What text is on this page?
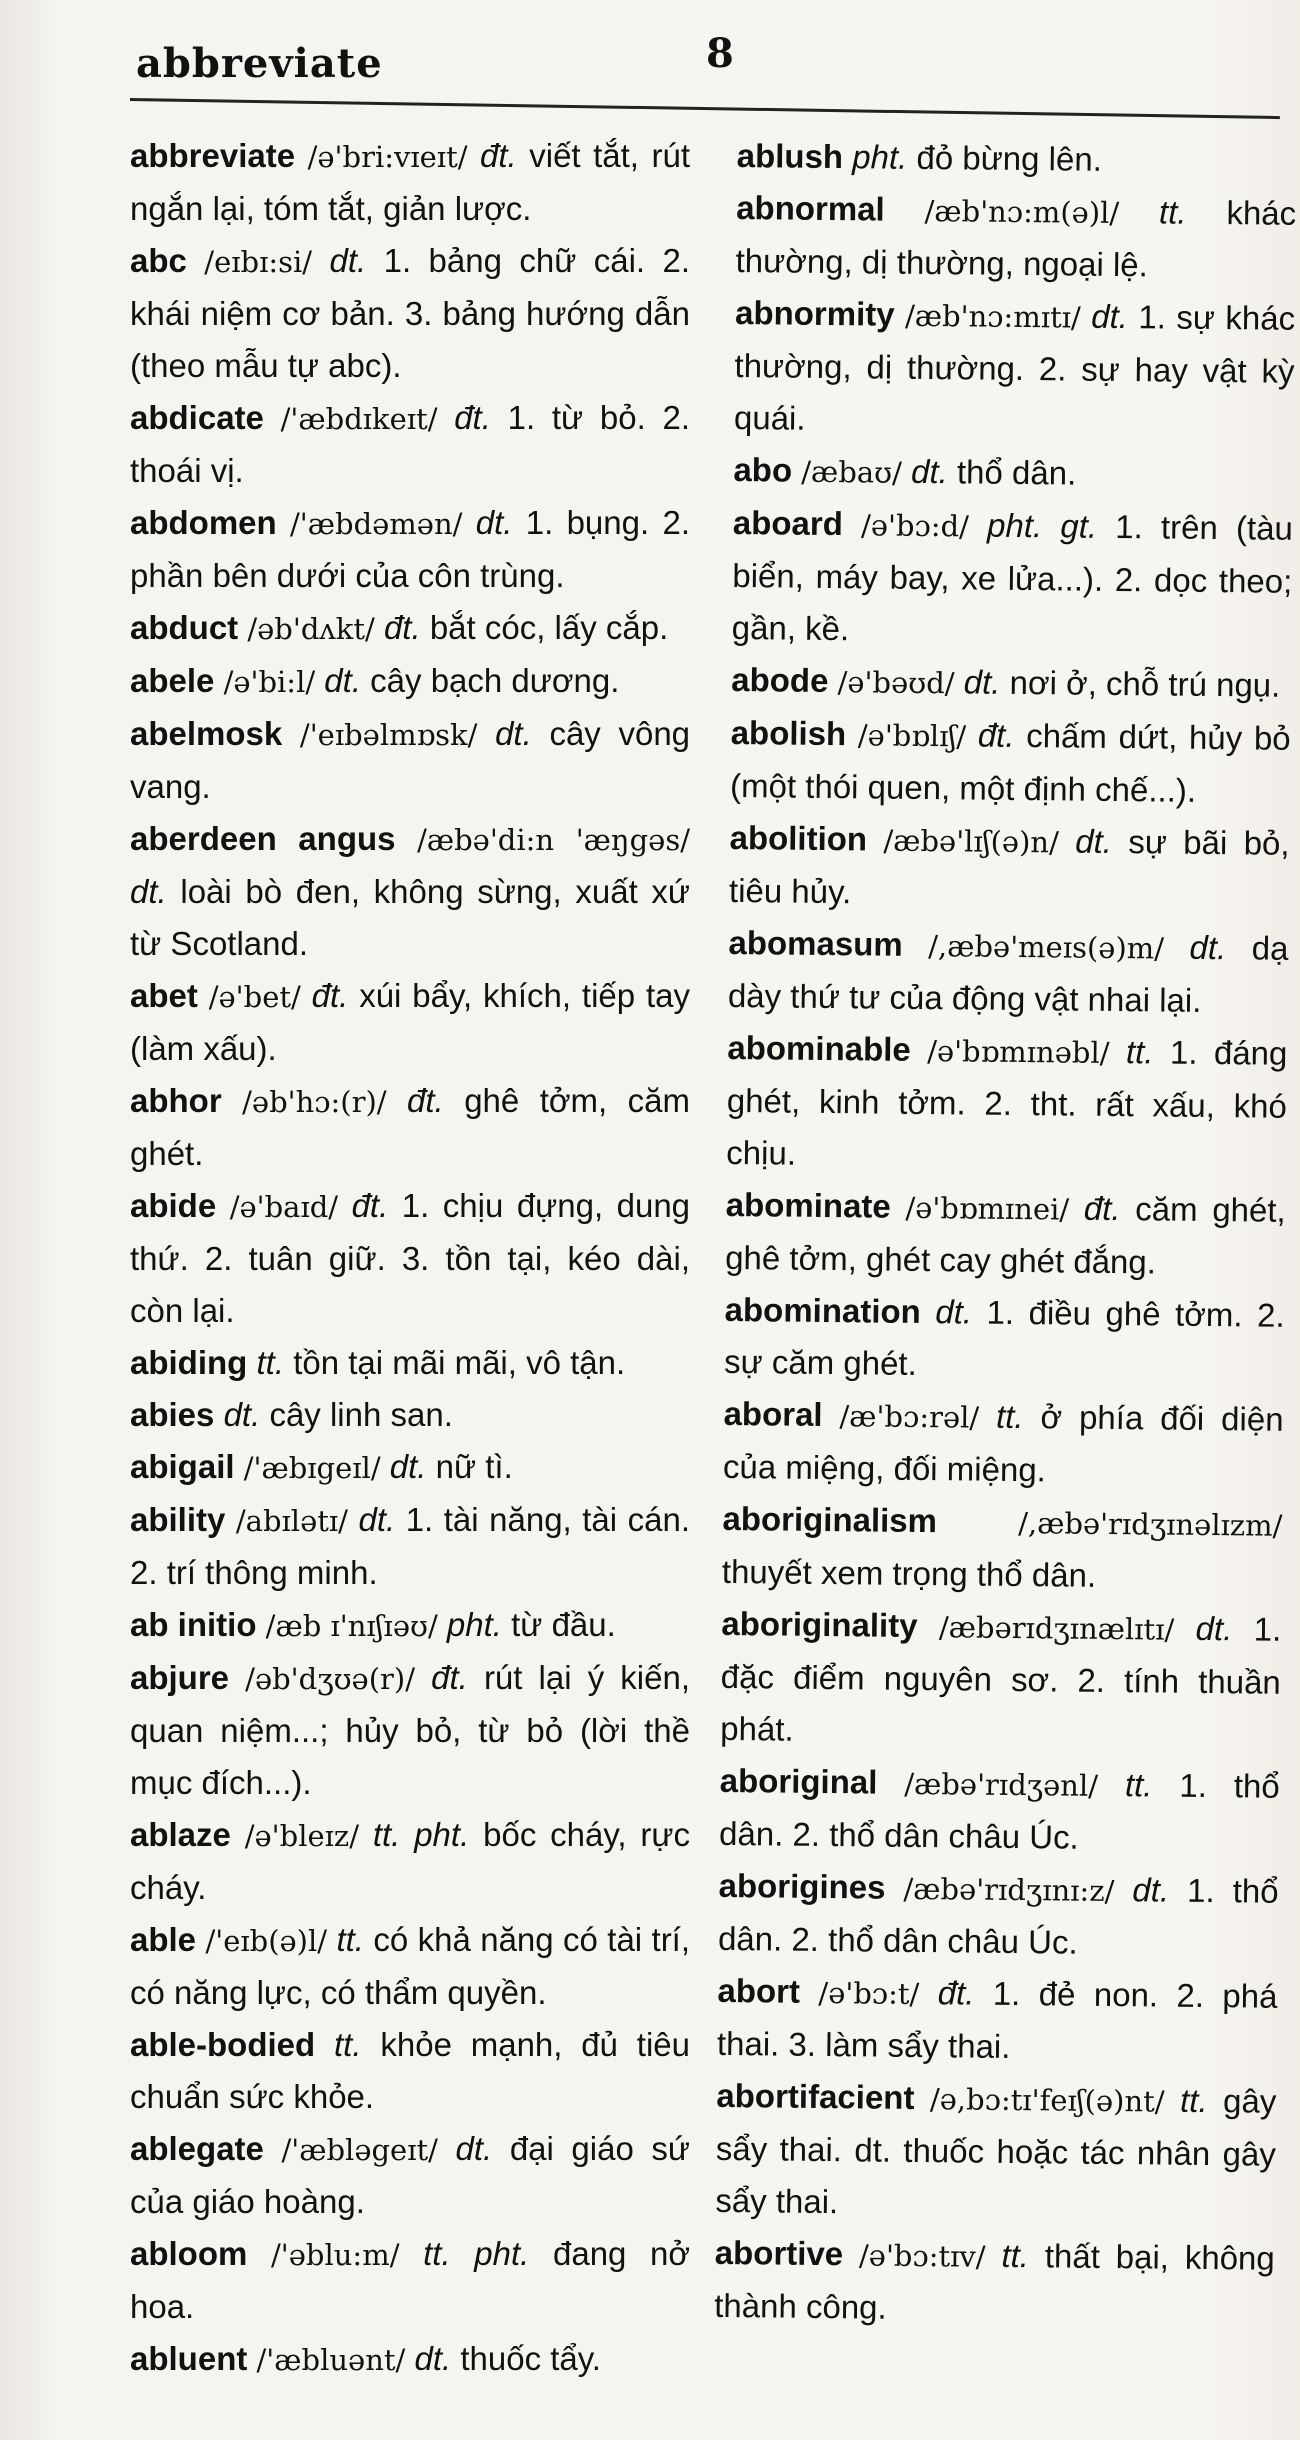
abbreviate	8
abbreviate /ə'bri:vɪeɪt/ đt. viết tắt, rút ngắn lại, tóm tắt, giản lược.
abc /eɪbɪ:si/ dt. 1. bảng chữ cái. 2. khái niệm cơ bản. 3. bảng hướng dẫn (theo mẫu tự abc).
abdicate /'æbdɪkeɪt/ đt. 1. từ bỏ. 2. thoái vị.
abdomen /'æbdəmən/ dt. 1. bụng. 2. phần bên dưới của côn trùng.
abduct /əb'dʌkt/ đt. bắt cóc, lấy cắp.
abele /ə'bi:l/ dt. cây bạch dương.
abelmosk /'eɪbəlmɒsk/ dt. cây vông vang.
aberdeen angus /æbə'di:n 'æŋgəs/ dt. loài bò đen, không sừng, xuất xứ từ Scotland.
abet /ə'bet/ đt. xúi bẩy, khích, tiếp tay (làm xấu).
abhor /əb'hɔ:(r)/ đt. ghê tởm, căm ghét.
abide /ə'baɪd/ đt. 1. chịu đựng, dung thứ. 2. tuân giữ. 3. tồn tại, kéo dài, còn lại.
abiding tt. tồn tại mãi mãi, vô tận.
abies dt. cây linh san.
abigail /'æbɪgeɪl/ dt. nữ tì.
ability /abɪlətɪ/ dt. 1. tài năng, tài cán. 2. trí thông minh.
ab initio /æb ɪ'nɪʃɪəʊ/ pht. từ đầu.
abjure /əb'dʒʊə(r)/ đt. rút lại ý kiến, quan niệm...; hủy bỏ, từ bỏ (lời thề mục đích...).
ablaze /ə'bleɪz/ tt. pht. bốc cháy, rực cháy.
able /'eɪb(ə)l/ tt. có khả năng có tài trí, có năng lực, có thẩm quyền.
able-bodied tt. khỏe mạnh, đủ tiêu chuẩn sức khỏe.
ablegate /'æbləgeɪt/ dt. đại giáo sứ của giáo hoàng.
abloom /'əblu:m/ tt. pht. đang nở hoa.
abluent /'æbluənt/ dt. thuốc tẩy.
ablush pht. đỏ bừng lên.
abnormal /æb'nɔ:m(ə)l/ tt. khác thường, dị thường, ngoại lệ.
abnormity /æb'nɔ:mɪtɪ/ dt. 1. sự khác thường, dị thường. 2. sự hay vật kỳ quái.
abo /æbaʊ/ dt. thổ dân.
aboard /ə'bɔ:d/ pht. gt. 1. trên (tàu biển, máy bay, xe lửa...). 2. dọc theo; gần, kề.
abode /ə'bəʊd/ dt. nơi ở, chỗ trú ngụ.
abolish /ə'bɒlɪʃ/ đt. chấm dứt, hủy bỏ (một thói quen, một định chế...).
abolition /æbə'lɪʃ(ə)n/ dt. sự bãi bỏ, tiêu hủy.
abomasum /,æbə'meɪs(ə)m/ dt. dạ dày thứ tư của động vật nhai lại.
abominable /ə'bɒmɪnəbl/ tt. 1. đáng ghét, kinh tởm. 2. tht. rất xấu, khó chịu.
abominate /ə'bɒmɪnei/ đt. căm ghét, ghê tởm, ghét cay ghét đắng.
abomination dt. 1. điều ghê tởm. 2. sự căm ghét.
aboral /æ'bɔ:rəl/ tt. ở phía đối diện của miệng, đối miệng.
aboriginalism	/,æbə'rɪdʒɪnəlɪzm/ thuyết xem trọng thổ dân.
aboriginality /æbərɪdʒɪnælɪtɪ/ dt. 1. đặc điểm nguyên sơ. 2. tính thuần phát.
aboriginal /æbə'rɪdʒənl/ tt. 1. thổ dân. 2. thổ dân châu Úc.
aborigines /æbə'rɪdʒɪnɪ:z/ dt. 1. thổ dân. 2. thổ dân châu Úc.
abort /ə'bɔ:t/ đt. 1. đẻ non. 2. phá thai. 3. làm sẩy thai.
abortifacient /ə,bɔ:tɪ'feɪʃ(ə)nt/ tt. gây sẩy thai. dt. thuốc hoặc tác nhân gây sẩy thai.
abortive /ə'bɔ:tɪv/ tt. thất bại, không thành công.
